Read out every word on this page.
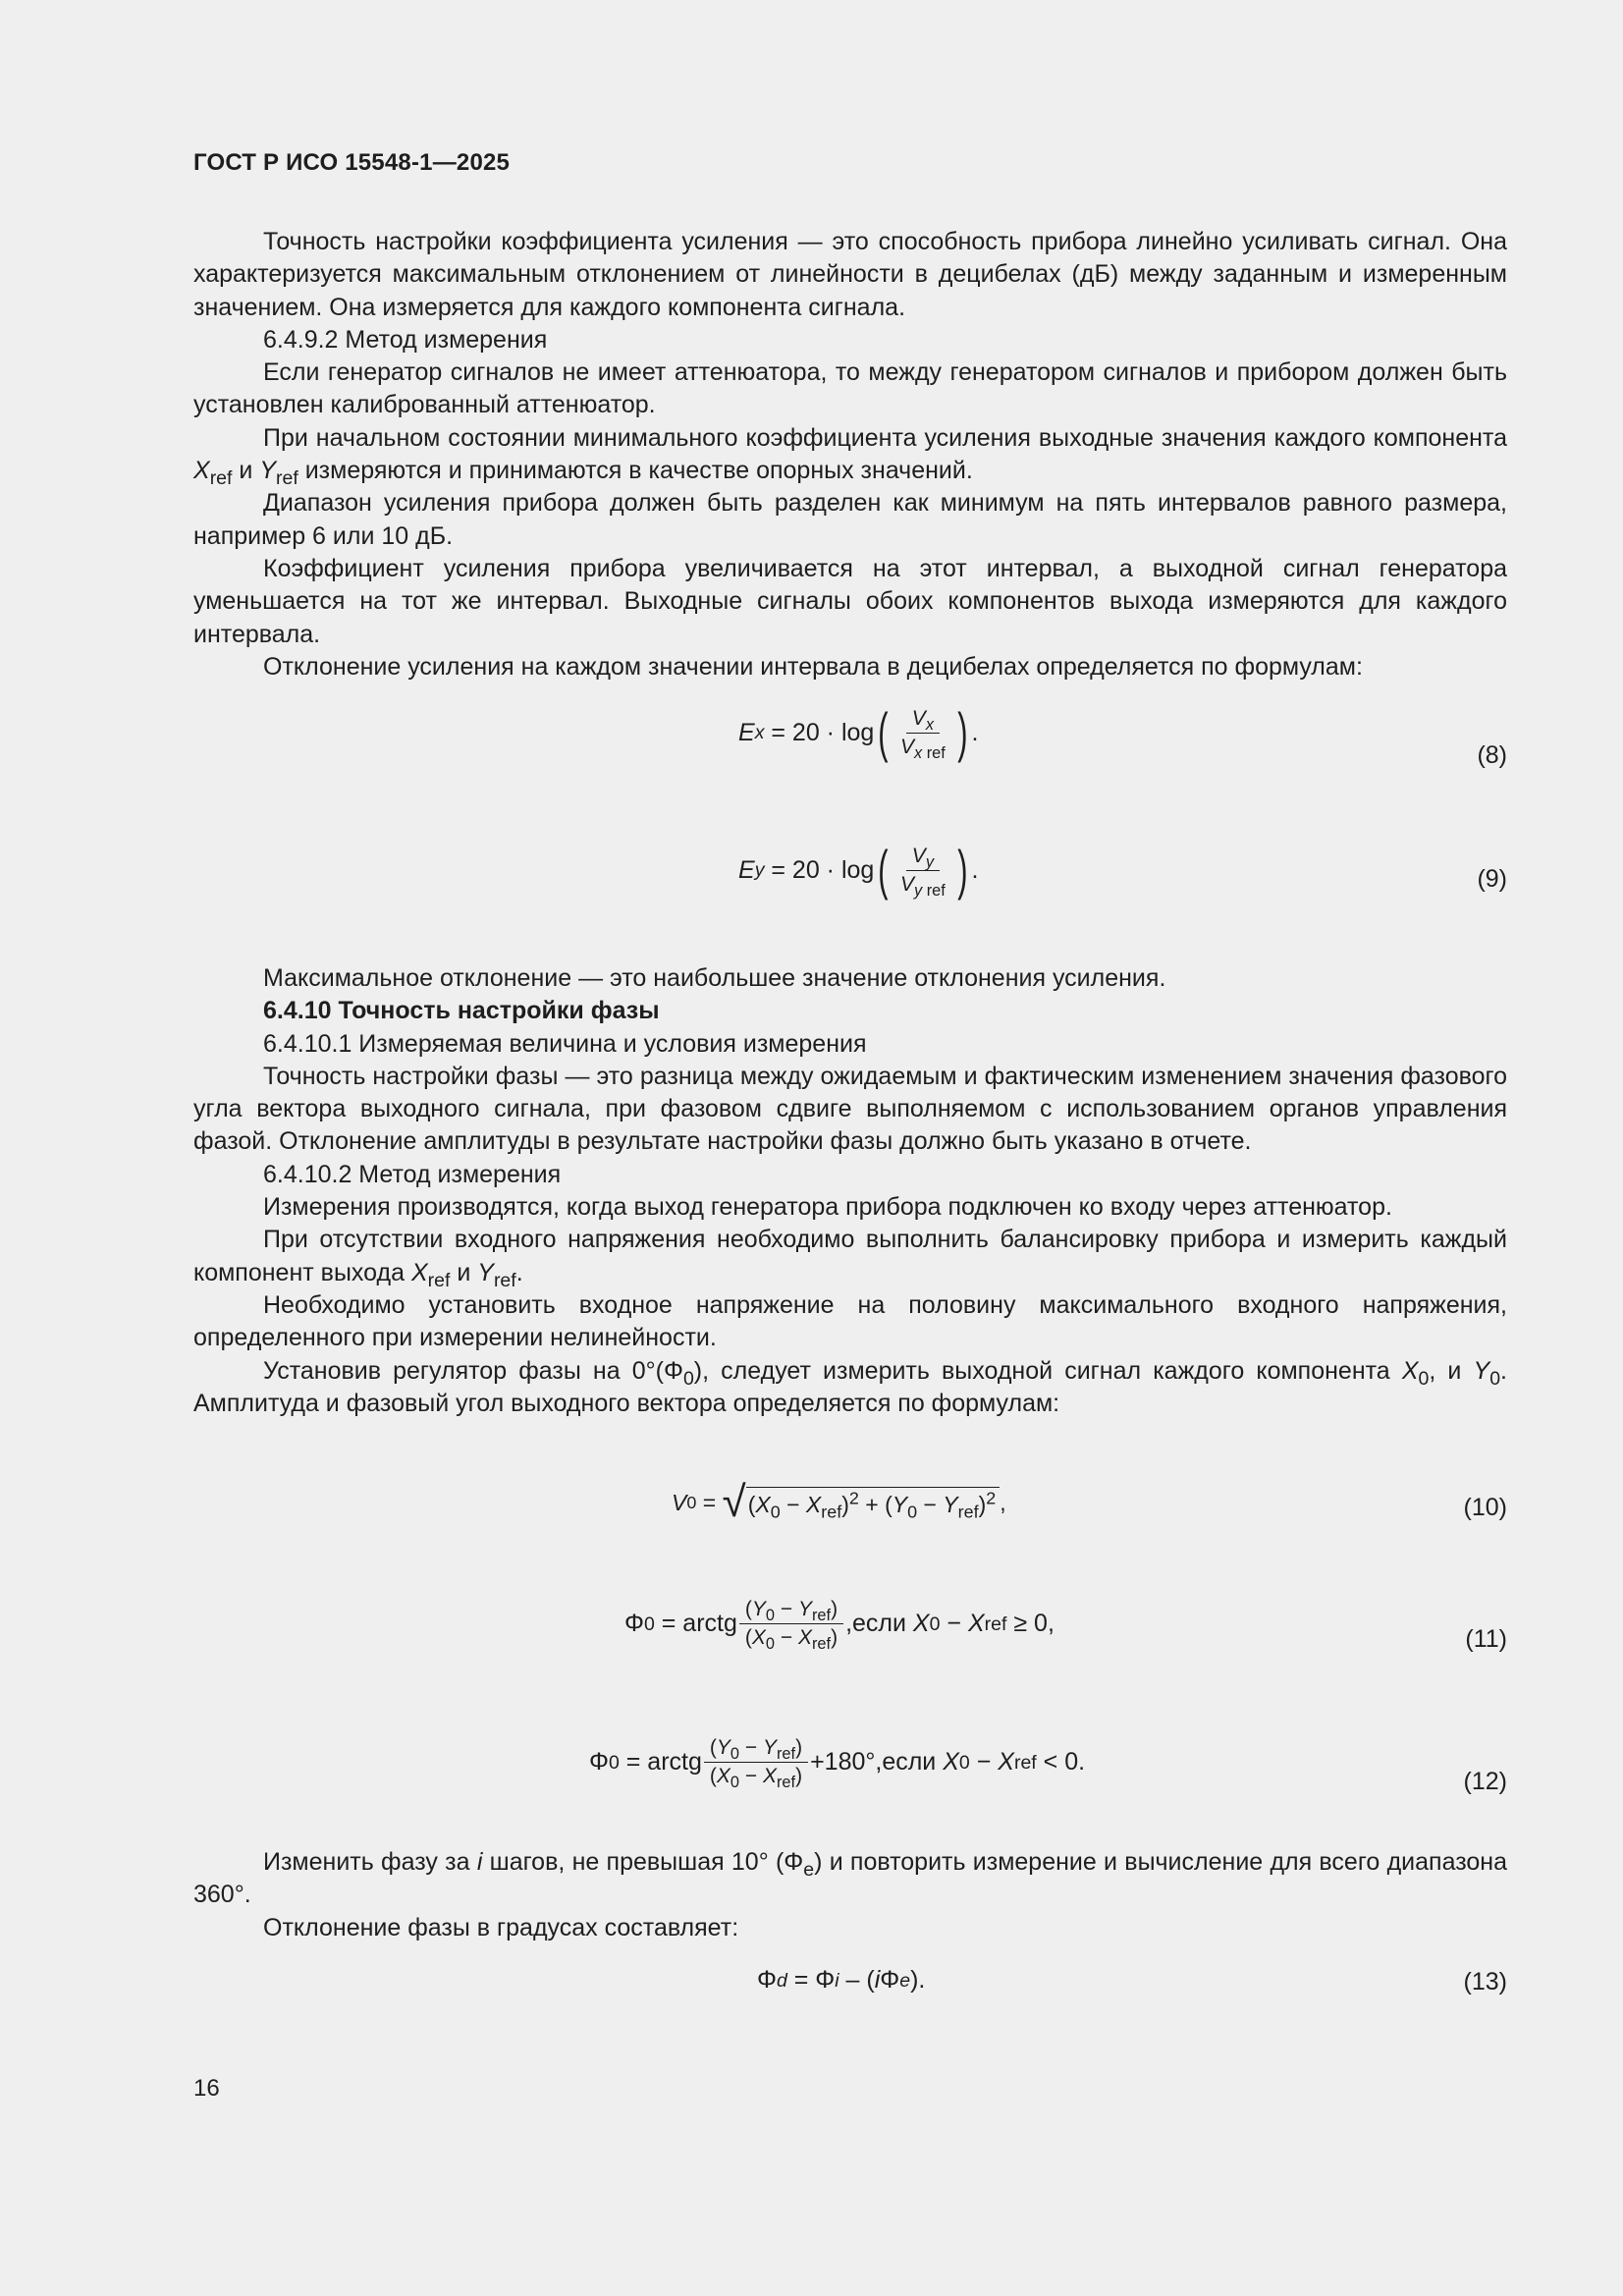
ГОСТ Р ИСО 15548-1—2025

Точность настройки коэффициента усиления — это способность прибора линейно усиливать сигнал. Она характеризуется максимальным отклонением от линейности в децибелах (дБ) между заданным и измеренным значением. Она измеряется для каждого компонента сигнала.

6.4.9.2 Метод измерения

Если генератор сигналов не имеет аттенюатора, то между генератором сигналов и прибором должен быть установлен калиброванный аттенюатор.

При начальном состоянии минимального коэффициента усиления выходные значения каждого компонента $X_{ref}$ и $Y_{ref}$ измеряются и принимаются в качестве опорных значений.

Диапазон усиления прибора должен быть разделен как минимум на пять интервалов равного размера, например 6 или 10 дБ.

Коэффициент усиления прибора увеличивается на этот интервал, а выходной сигнал генератора уменьшается на тот же интервал. Выходные сигналы обоих компонентов выхода измеряются для каждого интервала.

Отклонение усиления на каждом значении интервала в децибелах определяется по формулам:

E x = 20 · log ( $\frac{V_x}{V_x _{ref}}$ ) .
(8)
E y = 20 · log ( $\frac{V_y}{V_y _{ref}}$ ) .	(9)

Максимальное отклонение — это наибольшее значение отклонения усиления.

6.4.10 Точность настройки фазы

6.4.10.1 Измеряемая величина и условия измерения

Точность настройки фазы — это разница между ожидаемым и фактическим изменением значения фазового угла вектора выходного сигнала, при фазовом сдвиге выполняемом с использованием органов управления фазой. Отклонение амплитуды в результате настройки фазы должно быть указано в отчете.

6.4.10.2 Метод измерения

Измерения производятся, когда выход генератора прибора подключен ко входу через аттенюатор.

При отсутствии входного напряжения необходимо выполнить балансировку прибора и измерить каждый компонент выхода $X_{ref}$ и $Y_{ref}$.

Необходимо установить входное напряжение на половину максимального входного напряжения, определенного при измерении нелинейности.

Установив регулятор фазы на $0^\circ(\Phi_0)$, следует измерить выходной сигнал каждого компонента $X_0$, и $Y_0$. Амплитуда и фазовый угол выходного вектора определяется по формулам:

V 0 = √ $(X_0 - X_{ref})^2 + (Y_0 - Y_{ref})^2$ ,	(10)
Φ 0 = arctg $\frac{(Y_0 - Y_{ref})}{(X_0 - X_{ref})}$ ,если X 0 − X ref ≥ 0,
(11)
Φ 0 = arctg $\frac{(Y_0 - Y_{ref})}{(X_0 - X_{ref})}$ +180°,если X 0 − X ref < 0.
(12)

Изменить фазу за i шагов, не превышая 10° $(\Phi_e)$ и повторить измерение и вычисление для всего диапазона 360°.

Отклонение фазы в градусах составляет:

Φ d = Φ i – ( i Φ e ).	(13)
16
